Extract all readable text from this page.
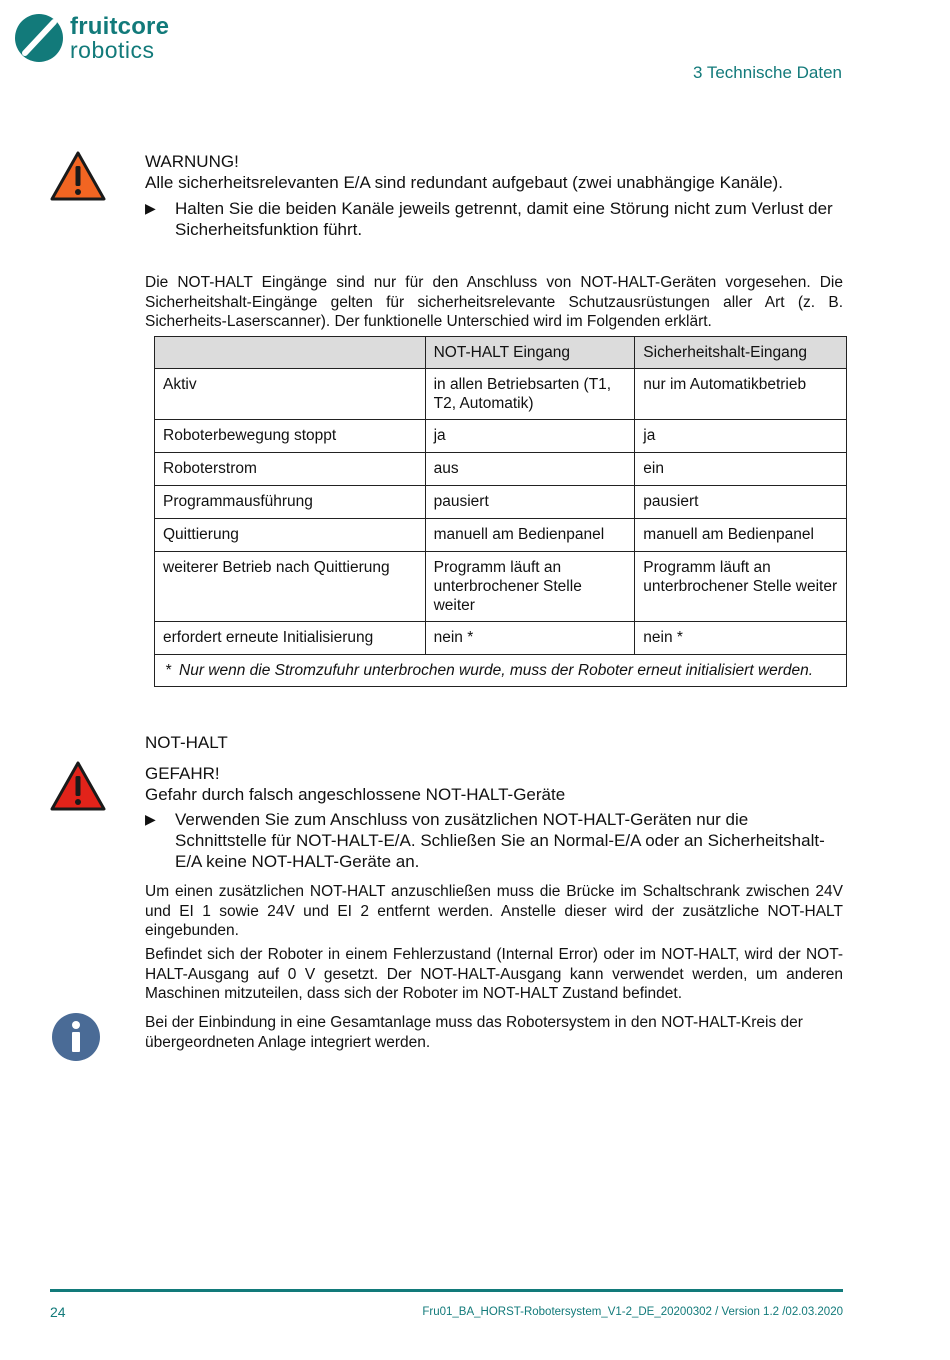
fruitcore
robotics
3 Technische Daten
WARNUNG!
Alle sicherheitsrelevanten E/A sind redundant aufgebaut (zwei unabhängige Kanäle).
▶	Halten Sie die beiden Kanäle jeweils getrennt, damit eine Störung nicht zum Verlust der Sicherheitsfunktion führt.
Die NOT-HALT Eingänge sind nur für den Anschluss von NOT-HALT-Geräten vorgesehen. Die Sicherheitshalt-Eingänge gelten für sicherheitsrelevante Schutzausrüstungen aller Art (z. B. Sicherheits-Laserscanner). Der funktionelle Unterschied wird im Folgenden erklärt.
	NOT-HALT Eingang	Sicherheitshalt-Eingang
Aktiv	in allen Betriebsarten (T1, T2, Automatik)	nur im Automatikbetrieb
Roboterbewegung stoppt	ja	ja
Roboterstrom	aus	ein
Programmausführung	pausiert	pausiert
Quittierung	manuell am Bedienpanel	manuell am Bedienpanel
weiterer Betrieb nach Quittierung	Programm läuft an unterbrochener Stelle weiter	Programm läuft an unterbrochener Stelle weiter
erfordert erneute Initialisierung	nein *	nein *

* Nur wenn die Stromzufuhr unterbrochen wurde, muss der Roboter erneut initialisiert werden.		
NOT-HALT
GEFAHR!
Gefahr durch falsch angeschlossene NOT-HALT-Geräte
▶	Verwenden Sie zum Anschluss von zusätzlichen NOT-HALT-Geräten nur die Schnittstelle für NOT-HALT-E/A. Schließen Sie an Normal-E/A oder an Sicherheitshalt-E/A keine NOT-HALT-Geräte an.
Um einen zusätzlichen NOT-HALT anzuschließen muss die Brücke im Schaltschrank zwischen 24V und EI 1 sowie 24V und EI 2 entfernt werden. Anstelle dieser wird der zusätzliche NOT-HALT eingebunden.
Befindet sich der Roboter in einem Fehlerzustand (Internal Error) oder im NOT-HALT, wird der NOT-HALT-Ausgang auf 0 V gesetzt. Der NOT-HALT-Ausgang kann verwendet werden, um anderen Maschinen mitzuteilen, dass sich der Roboter im NOT-HALT Zustand befindet.
Bei der Einbindung in eine Gesamtanlage muss das Robotersystem in den NOT-HALT-Kreis der übergeordneten Anlage integriert werden.
24	Fru01_BA_HORST-Robotersystem_V1-2_DE_20200302 / Version 1.2 /02.03.2020
